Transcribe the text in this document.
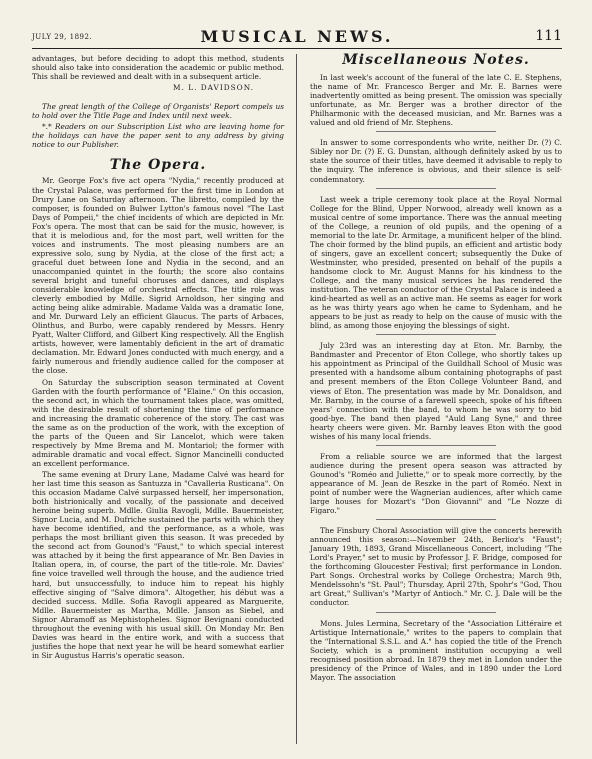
JULY 29, 1892.	MUSICAL NEWS.	111

advantages, but before deciding to adopt this method, students should also take into consideration the academic or public method. This shall be reviewed and dealt with in a subsequent article.

M. L. DAVIDSON.

The great length of the College of Organists' Report compels us to hold over the Title Page and Index until next week.

*.* Readers on our Subscription List who are leaving home for the holidays can have the paper sent to any address by giving notice to our Publisher.

The Opera.

Mr. George Fox's five act opera "Nydia," recently produced at the Crystal Palace, was performed for the first time in London at Drury Lane on Saturday afternoon. The libretto, compiled by the composer, is founded on Bulwer Lytton's famous novel "The Last Days of Pompeii," the chief incidents of which are depicted in Mr. Fox's opera. The most that can be said for the music, however, is that it is melodious and, for the most part, well written for the voices and instruments. The most pleasing numbers are an expressive solo, sung by Nydia, at the close of the first act; a graceful duet between Ione and Nydia in the second, and an unaccompanied quintet in the fourth; the score also contains several bright and tuneful choruses and dances, and displays considerable knowledge of orchestral effects. The title role was cleverly embodied by Mdlle. Sigrid Arnoldson, her singing and acting being alike admirable. Madame Valda was a dramatic Ione, and Mr. Durward Lely an efficient Glaucus. The parts of Arbaces, Olinthus, and Burbo, were capably rendered by Messrs. Henry Pyatt, Walter Clifford, and Gilbert King respectively. All the English artists, however, were lamentably deficient in the art of dramatic declamation. Mr. Edward Jones conducted with much energy, and a fairly numerous and friendly audience called for the composer at the close.

On Saturday the subscription season terminated at Covent Garden with the fourth performance of "Elaine." On this occasion, the second act, in which the tournament takes place, was omitted, with the desirable result of shortening the time of performance and increasing the dramatic coherence of the story. The cast was the same as on the production of the work, with the exception of the parts of the Queen and Sir Lancelot, which were taken respectively by Mme Brema and M. Montariol; the former with admirable dramatic and vocal effect. Signor Mancinelli conducted an excellent performance.

The same evening at Drury Lane, Madame Calvé was heard for her last time this season as Santuzza in "Cavalleria Rusticana". On this occasion Madame Calvé surpassed herself, her impersonation, both histrionically and vocally, of the passionate and deceived heroine being superb. Mdlle. Giulia Ravogli, Mdlle. Bauermeister, Signor Lucia, and M. Dufriche sustained the parts with which they have become identified, and the performance, as a whole, was perhaps the most brilliant given this season. It was preceded by the second act from Gounod's "Faust," to which special interest was attached by it being the first appearance of Mr. Ben Davies in Italian opera, in, of course, the part of the title-role. Mr. Davies' fine voice travelled well through the house, and the audience tried hard, but unsuccessfully, to induce him to repeat his highly effective singing of "Salve dimora". Altogether, his début was a decided success. Mdlle. Sofia Ravogli appeared as Marguerite, Mdlle. Bauermeister as Martha, Mdlle. Janson as Siebel, and Signor Abramoff as Mephistopheles. Signor Bevignani conducted throughout the evening with his usual skill. On Monday Mr. Ben Davies was heard in the entire work, and with a success that justifies the hope that next year he will be heard somewhat earlier in Sir Augustus Harris's operatic season.

Miscellaneous Notes.

In last week's account of the funeral of the late C. E. Stephens, the name of Mr. Francesco Berger and Mr. E. Barnes were inadvertently omitted as being present. The omission was specially unfortunate, as Mr. Berger was a brother director of the Philharmonic with the deceased musician, and Mr. Barnes was a valued and old friend of Mr. Stephens.

In answer to some correspondents who write, neither Dr. (?) C. Sibley nor Dr. (?) E. G. Dunstan, although definitely asked by us to state the source of their titles, have deemed it advisable to reply to the inquiry. The inference is obvious, and their silence is self-condemnatory.

Last week a triple ceremony took place at the Royal Normal College for the Blind, Upper Norwood, already well known as a musical centre of some importance. There was the annual meeting of the College, a reunion of old pupils, and the opening of a memorial to the late Dr. Armitage, a munificent helper of the blind. The choir formed by the blind pupils, an efficient and artistic body of singers, gave an excellent concert; subsequently the Duke of Westminster, who presided, presented on behalf of the pupils a handsome clock to Mr. August Manns for his kindness to the College, and the many musical services he has rendered the institution. The veteran conductor of the Crystal Palace is indeed a kind-hearted as well as an active man. He seems as eager for work as he was thirty years ago when he came to Sydenham, and he appears to be just as ready to help on the cause of music with the blind, as among those enjoying the blessings of sight.

July 23rd was an interesting day at Eton. Mr. Barnby, the Bandmaster and Precentor of Eton College, who shortly takes up his appointment as Principal of the Guildhall School of Music was presented with a handsome album containing photographs of past and present members of the Eton College Volunteer Band, and views of Eton. The presentation was made by Mr. Donaldson, and Mr. Barnby, in the course of a farewell speech, spoke of his fifteen years' connection with the band, to whom he was sorry to bid good-bye. The band then played "Auld Lang Syne," and three hearty cheers were given. Mr. Barnby leaves Eton with the good wishes of his many local friends.

From a reliable source we are informed that the largest audience during the present opera season was attracted by Gounod's "Roméo and Juliette," or to speak more correctly, by the appearance of M. Jean de Reszke in the part of Roméo. Next in point of number were the Wagnerian audiences, after which came large houses for Mozart's "Don Giovanni" and "Le Nozze di Figaro."

The Finsbury Choral Association will give the concerts herewith announced this season:—November 24th, Berlioz's "Faust"; January 19th, 1893, Grand Miscellaneous Concert, including "The Lord's Prayer," set to music by Professor J. F. Bridge, composed for the forthcoming Gloucester Festival; first performance in London. Part Songs. Orchestral works by College Orchestra; March 9th, Mendelssohn's "St. Paul"; Thursday, April 27th, Spohr's "God, Thou art Great," Sullivan's "Martyr of Antioch." Mr. C. J. Dale will be the conductor.

Mons. Jules Lermina, Secretary of the "Association Littéraire et Artistique Internationale," writes to the papers to complain that the "International S.S.L. and A." has copied the title of the French Society, which is a prominent institution occupying a well recognised position abroad. In 1879 they met in London under the presidency of the Prince of Wales, and in 1890 under the Lord Mayor. The association
